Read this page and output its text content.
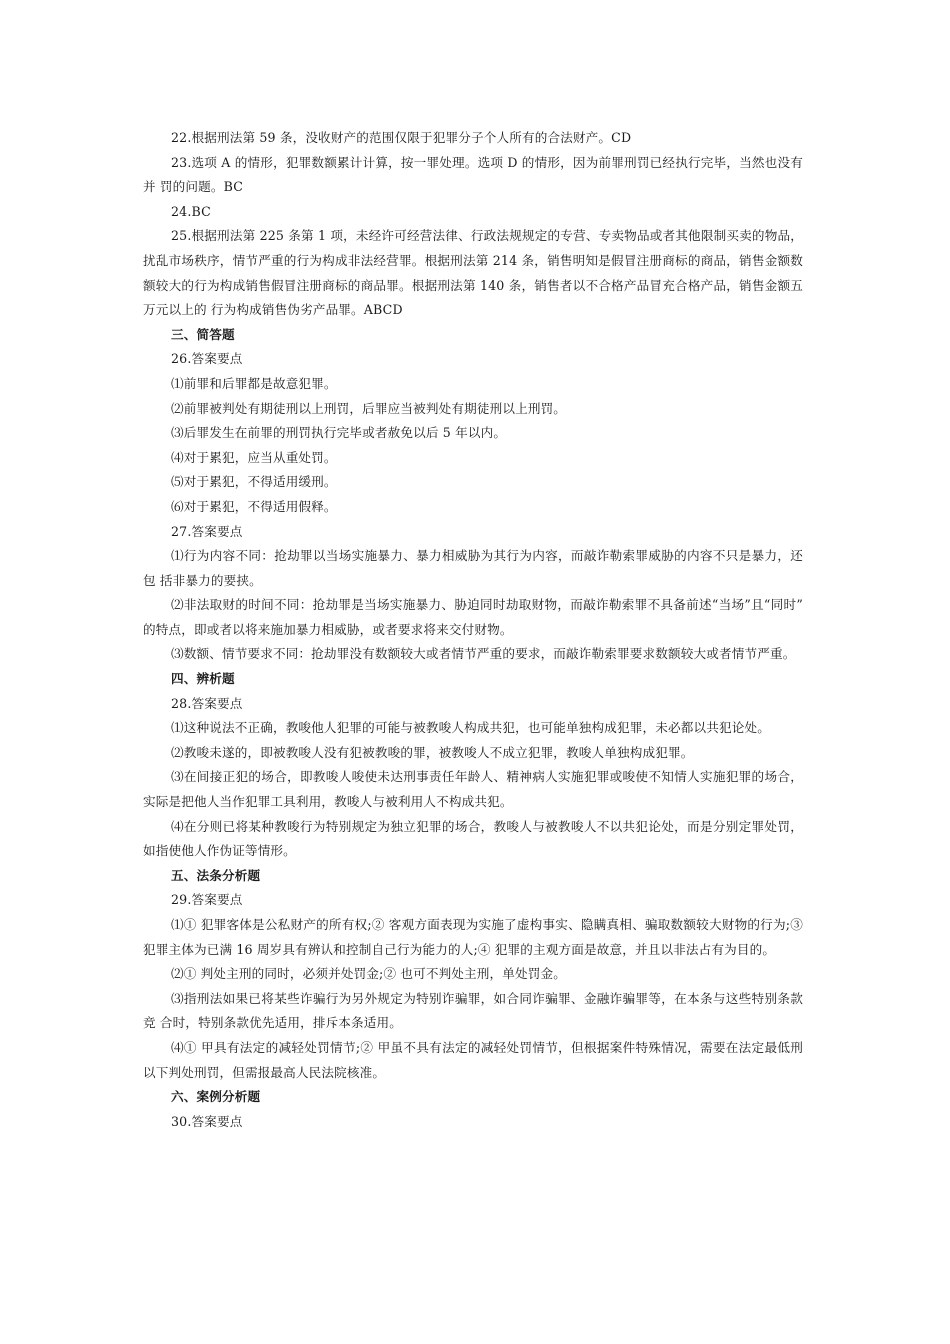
22.根据刑法第 59 条，没收财产的范围仅限于犯罪分子个人所有的合法财产。CD

23.选项 A 的情形，犯罪数额累计计算，按一罪处理。选项 D 的情形，因为前罪刑罚已经执行完毕，当然也没有并 罚的问题。BC

24.BC

25.根据刑法第 225 条第 1 项，未经许可经营法律、行政法规规定的专营、专卖物品或者其他限制买卖的物品，扰乱市场秩序，情节严重的行为构成非法经营罪。根据刑法第 214 条，销售明知是假冒注册商标的商品，销售金额数额较大的行为构成销售假冒注册商标的商品罪。根据刑法第 140 条，销售者以不合格产品冒充合格产品，销售金额五万元以上的 行为构成销售伪劣产品罪。ABCD

三、简答题

26.答案要点

⑴前罪和后罪都是故意犯罪。

⑵前罪被判处有期徒刑以上刑罚，后罪应当被判处有期徒刑以上刑罚。

⑶后罪发生在前罪的刑罚执行完毕或者赦免以后 5 年以内。

⑷对于累犯，应当从重处罚。

⑸对于累犯，不得适用缓刑。

⑹对于累犯，不得适用假释。

27.答案要点

⑴行为内容不同：抢劫罪以当场实施暴力、暴力相威胁为其行为内容，而敲诈勒索罪威胁的内容不只是暴力，还包 括非暴力的要挟。

⑵非法取财的时间不同：抢劫罪是当场实施暴力、胁迫同时劫取财物，而敲诈勒索罪不具备前述“当场”且“同时” 的特点，即或者以将来施加暴力相威胁，或者要求将来交付财物。

⑶数额、情节要求不同：抢劫罪没有数额较大或者情节严重的要求，而敲诈勒索罪要求数额较大或者情节严重。

四、辨析题

28.答案要点

⑴这种说法不正确，教唆他人犯罪的可能与被教唆人构成共犯，也可能单独构成犯罪，未必都以共犯论处。

⑵教唆未遂的，即被教唆人没有犯被教唆的罪，被教唆人不成立犯罪，教唆人单独构成犯罪。

⑶在间接正犯的场合，即教唆人唆使未达刑事责任年龄人、精神病人实施犯罪或唆使不知情人实施犯罪的场合，实际是把他人当作犯罪工具利用，教唆人与被利用人不构成共犯。

⑷在分则已将某种教唆行为特别规定为独立犯罪的场合，教唆人与被教唆人不以共犯论处，而是分别定罪处罚，如指使他人作伪证等情形。

五、法条分析题

29.答案要点

⑴① 犯罪客体是公私财产的所有权;② 客观方面表现为实施了虚构事实、隐瞒真相、骗取数额较大财物的行为;③ 犯罪主体为已满 16 周岁具有辨认和控制自己行为能力的人;④ 犯罪的主观方面是故意，并且以非法占有为目的。

⑵① 判处主刑的同时，必须并处罚金;② 也可不判处主刑，单处罚金。

⑶指刑法如果已将某些诈骗行为另外规定为特别诈骗罪，如合同诈骗罪、金融诈骗罪等，在本条与这些特别条款竞 合时，特别条款优先适用，排斥本条适用。

⑷① 甲具有法定的减轻处罚情节;② 甲虽不具有法定的减轻处罚情节，但根据案件特殊情况，需要在法定最低刑以下判处刑罚，但需报最高人民法院核准。

六、案例分析题

30.答案要点
